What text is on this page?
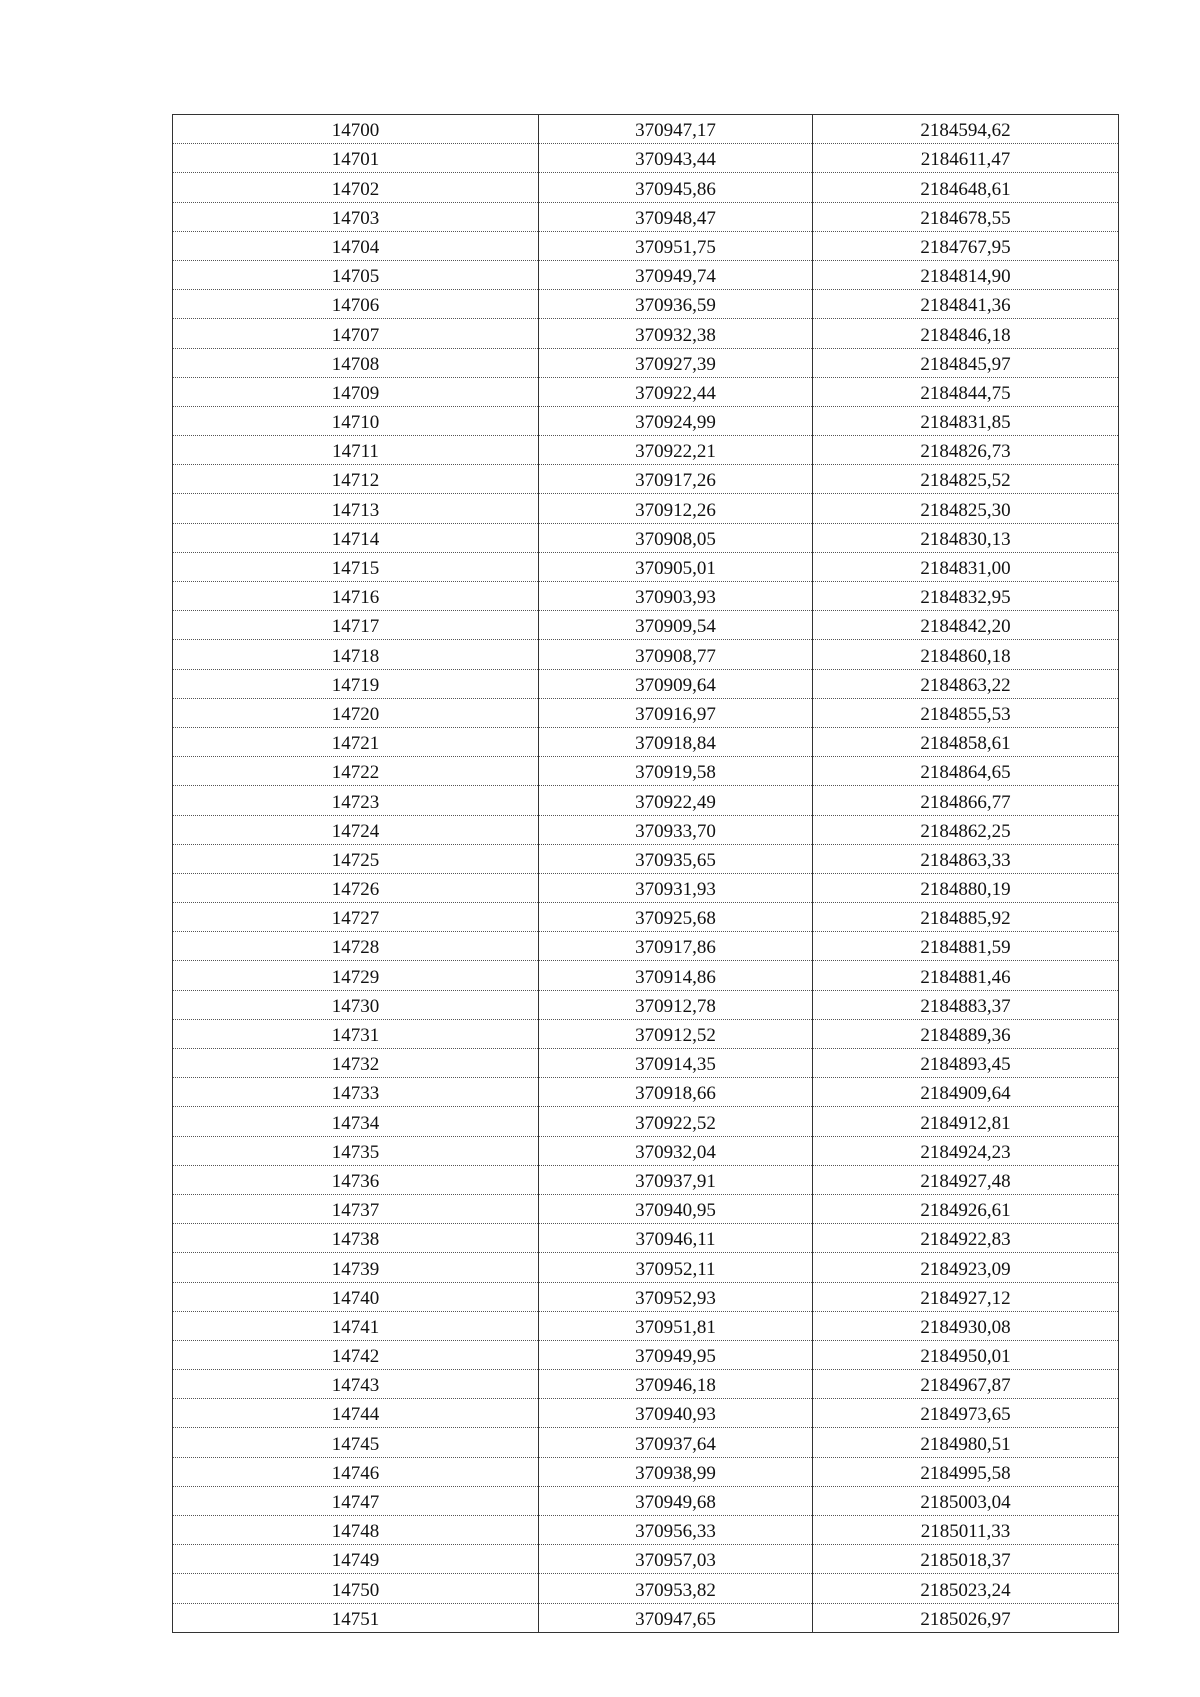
14700	370947,17	2184594,62
14701	370943,44	2184611,47
14702	370945,86	2184648,61
14703	370948,47	2184678,55
14704	370951,75	2184767,95
14705	370949,74	2184814,90
14706	370936,59	2184841,36
14707	370932,38	2184846,18
14708	370927,39	2184845,97
14709	370922,44	2184844,75
14710	370924,99	2184831,85
14711	370922,21	2184826,73
14712	370917,26	2184825,52
14713	370912,26	2184825,30
14714	370908,05	2184830,13
14715	370905,01	2184831,00
14716	370903,93	2184832,95
14717	370909,54	2184842,20
14718	370908,77	2184860,18
14719	370909,64	2184863,22
14720	370916,97	2184855,53
14721	370918,84	2184858,61
14722	370919,58	2184864,65
14723	370922,49	2184866,77
14724	370933,70	2184862,25
14725	370935,65	2184863,33
14726	370931,93	2184880,19
14727	370925,68	2184885,92
14728	370917,86	2184881,59
14729	370914,86	2184881,46
14730	370912,78	2184883,37
14731	370912,52	2184889,36
14732	370914,35	2184893,45
14733	370918,66	2184909,64
14734	370922,52	2184912,81
14735	370932,04	2184924,23
14736	370937,91	2184927,48
14737	370940,95	2184926,61
14738	370946,11	2184922,83
14739	370952,11	2184923,09
14740	370952,93	2184927,12
14741	370951,81	2184930,08
14742	370949,95	2184950,01
14743	370946,18	2184967,87
14744	370940,93	2184973,65
14745	370937,64	2184980,51
14746	370938,99	2184995,58
14747	370949,68	2185003,04
14748	370956,33	2185011,33
14749	370957,03	2185018,37
14750	370953,82	2185023,24
14751	370947,65	2185026,97
